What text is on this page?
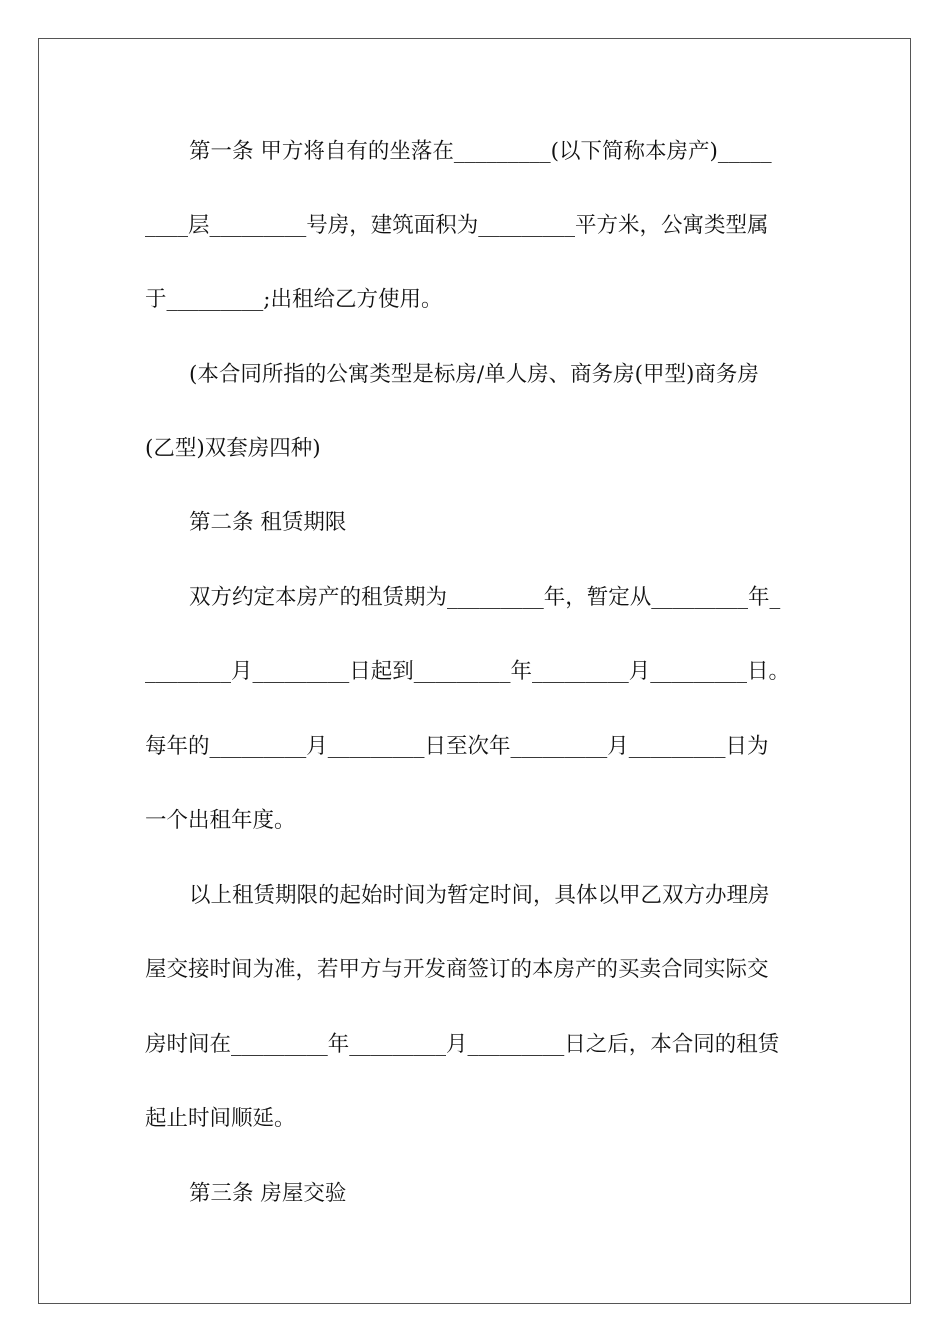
第一条 甲方将自有的坐落在_________(以下简称本房产)_____
____层_________号房，建筑面积为_________平方米，公寓类型属
于_________;出租给乙方使用。
(本合同所指的公寓类型是标房/单人房、商务房(甲型)商务房
(乙型)双套房四种)
第二条 租赁期限
双方约定本房产的租赁期为_________年，暂定从_________年_
________月_________日起到_________年_________月_________日。
每年的_________月_________日至次年_________月_________日为
一个出租年度。
以上租赁期限的起始时间为暂定时间，具体以甲乙双方办理房
屋交接时间为准，若甲方与开发商签订的本房产的买卖合同实际交
房时间在_________年_________月_________日之后，本合同的租赁
起止时间顺延。
第三条 房屋交验
